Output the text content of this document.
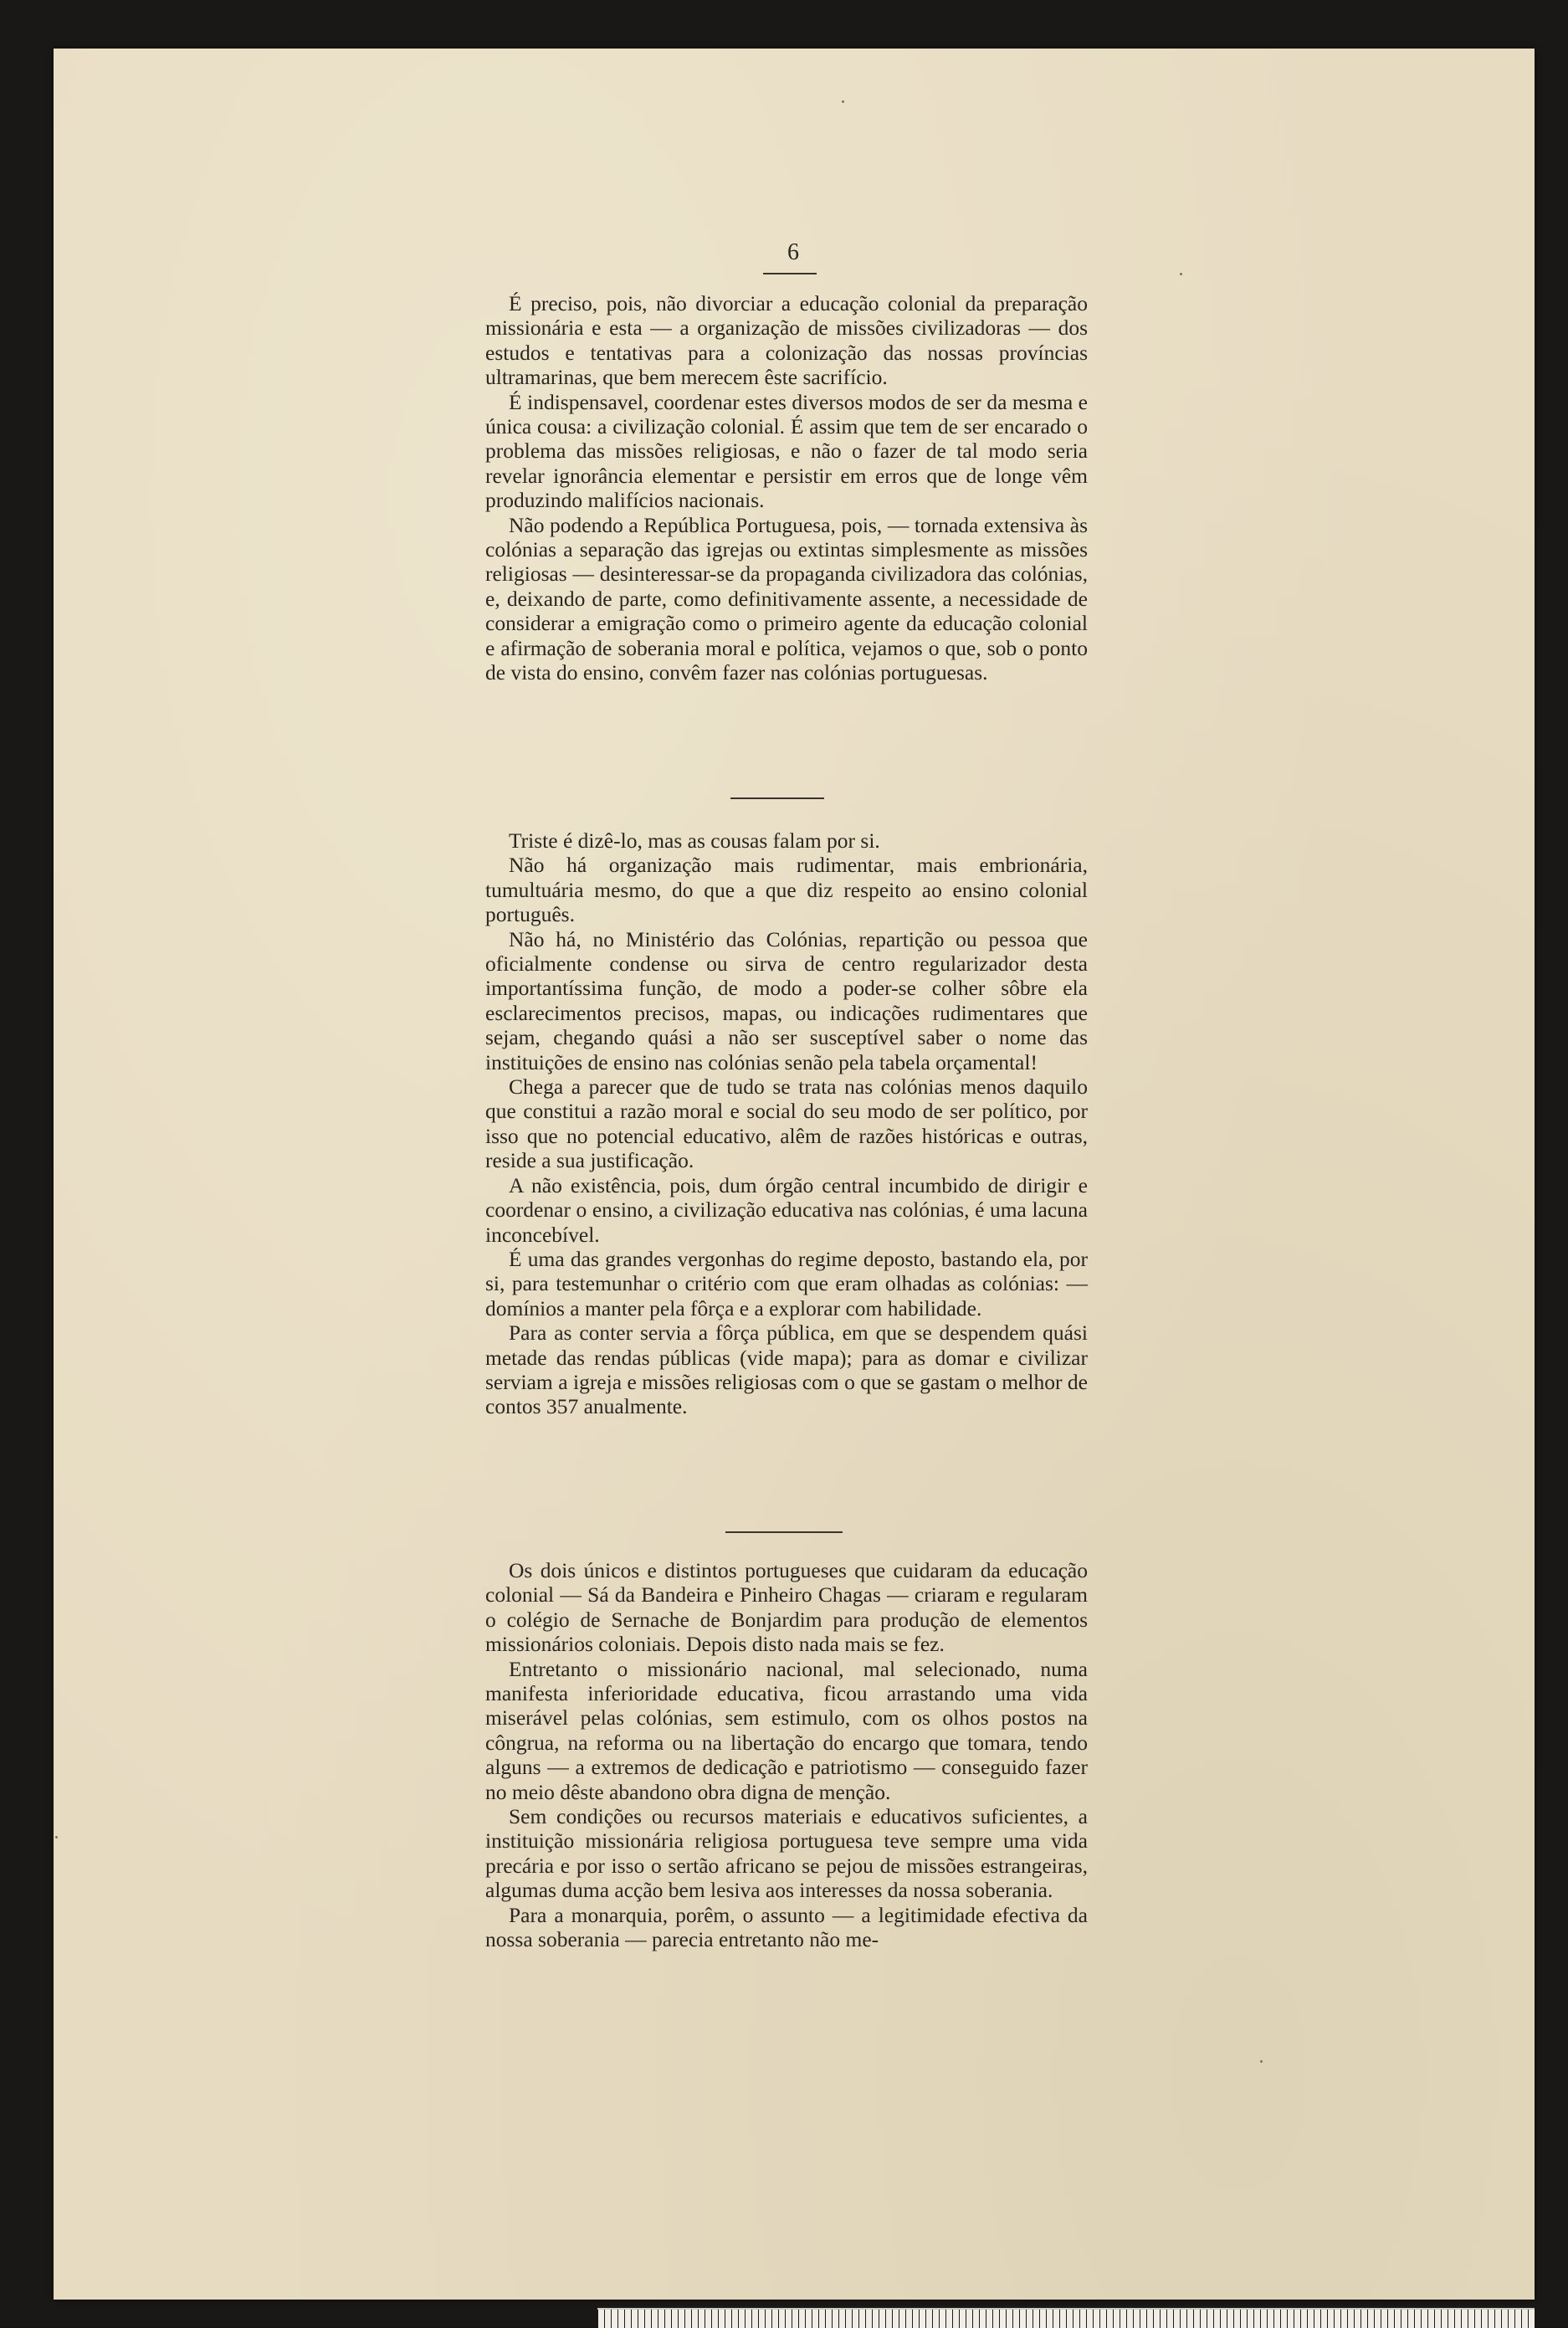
6

É preciso, pois, não divorciar a educação colonial da preparação missionária e esta — a organização de missões civilizadoras — dos estudos e tentativas para a colonização das nossas províncias ultramarinas, que bem merecem êste sacrifício.

É indispensavel, coordenar estes diversos modos de ser da mesma e única cousa: a civilização colonial. É assim que tem de ser encarado o problema das missões religiosas, e não o fazer de tal modo seria revelar ignorância elementar e persistir em erros que de longe vêm produzindo malifícios nacionais.

Não podendo a República Portuguesa, pois, — tornada extensiva às colónias a separação das igrejas ou extintas simplesmente as missões religiosas — desinteressar-se da propaganda civilizadora das colónias, e, deixando de parte, como definitivamente assente, a necessidade de considerar a emigração como o primeiro agente da educação colonial e afirmação de soberania moral e política, vejamos o que, sob o ponto de vista do ensino, convêm fazer nas colónias portuguesas.

Triste é dizê-lo, mas as cousas falam por si.

Não há organização mais rudimentar, mais embrionária, tumultuária mesmo, do que a que diz respeito ao ensino colonial português.

Não há, no Ministério das Colónias, repartição ou pessoa que oficialmente condense ou sirva de centro regularizador desta importantíssima função, de modo a poder-se colher sôbre ela esclarecimentos precisos, mapas, ou indicações rudimentares que sejam, chegando quási a não ser susceptível saber o nome das instituições de ensino nas colónias senão pela tabela orçamental!

Chega a parecer que de tudo se trata nas colónias menos daquilo que constitui a razão moral e social do seu modo de ser político, por isso que no potencial educativo, alêm de razões históricas e outras, reside a sua justificação.

A não existência, pois, dum órgão central incumbido de dirigir e coordenar o ensino, a civilização educativa nas colónias, é uma lacuna inconcebível.

É uma das grandes vergonhas do regime deposto, bastando ela, por si, para testemunhar o critério com que eram olhadas as colónias: — domínios a manter pela fôrça e a explorar com habilidade.

Para as conter servia a fôrça pública, em que se despendem quási metade das rendas públicas (vide mapa); para as domar e civilizar serviam a igreja e missões religiosas com o que se gastam o melhor de contos 357 anualmente.

Os dois únicos e distintos portugueses que cuidaram da educação colonial — Sá da Bandeira e Pinheiro Chagas — criaram e regularam o colégio de Sernache de Bonjardim para produção de elementos missionários coloniais. Depois disto nada mais se fez.

Entretanto o missionário nacional, mal selecionado, numa manifesta inferioridade educativa, ficou arrastando uma vida miserável pelas colónias, sem estimulo, com os olhos postos na côngrua, na reforma ou na libertação do encargo que tomara, tendo alguns — a extremos de dedicação e patriotismo — conseguido fazer no meio dêste abandono obra digna de menção.

Sem condições ou recursos materiais e educativos suficientes, a instituição missionária religiosa portuguesa teve sempre uma vida precária e por isso o sertão africano se pejou de missões estrangeiras, algumas duma acção bem lesiva aos interesses da nossa soberania.

Para a monarquia, porêm, o assunto — a legitimidade efectiva da nossa soberania — parecia entretanto não me-
